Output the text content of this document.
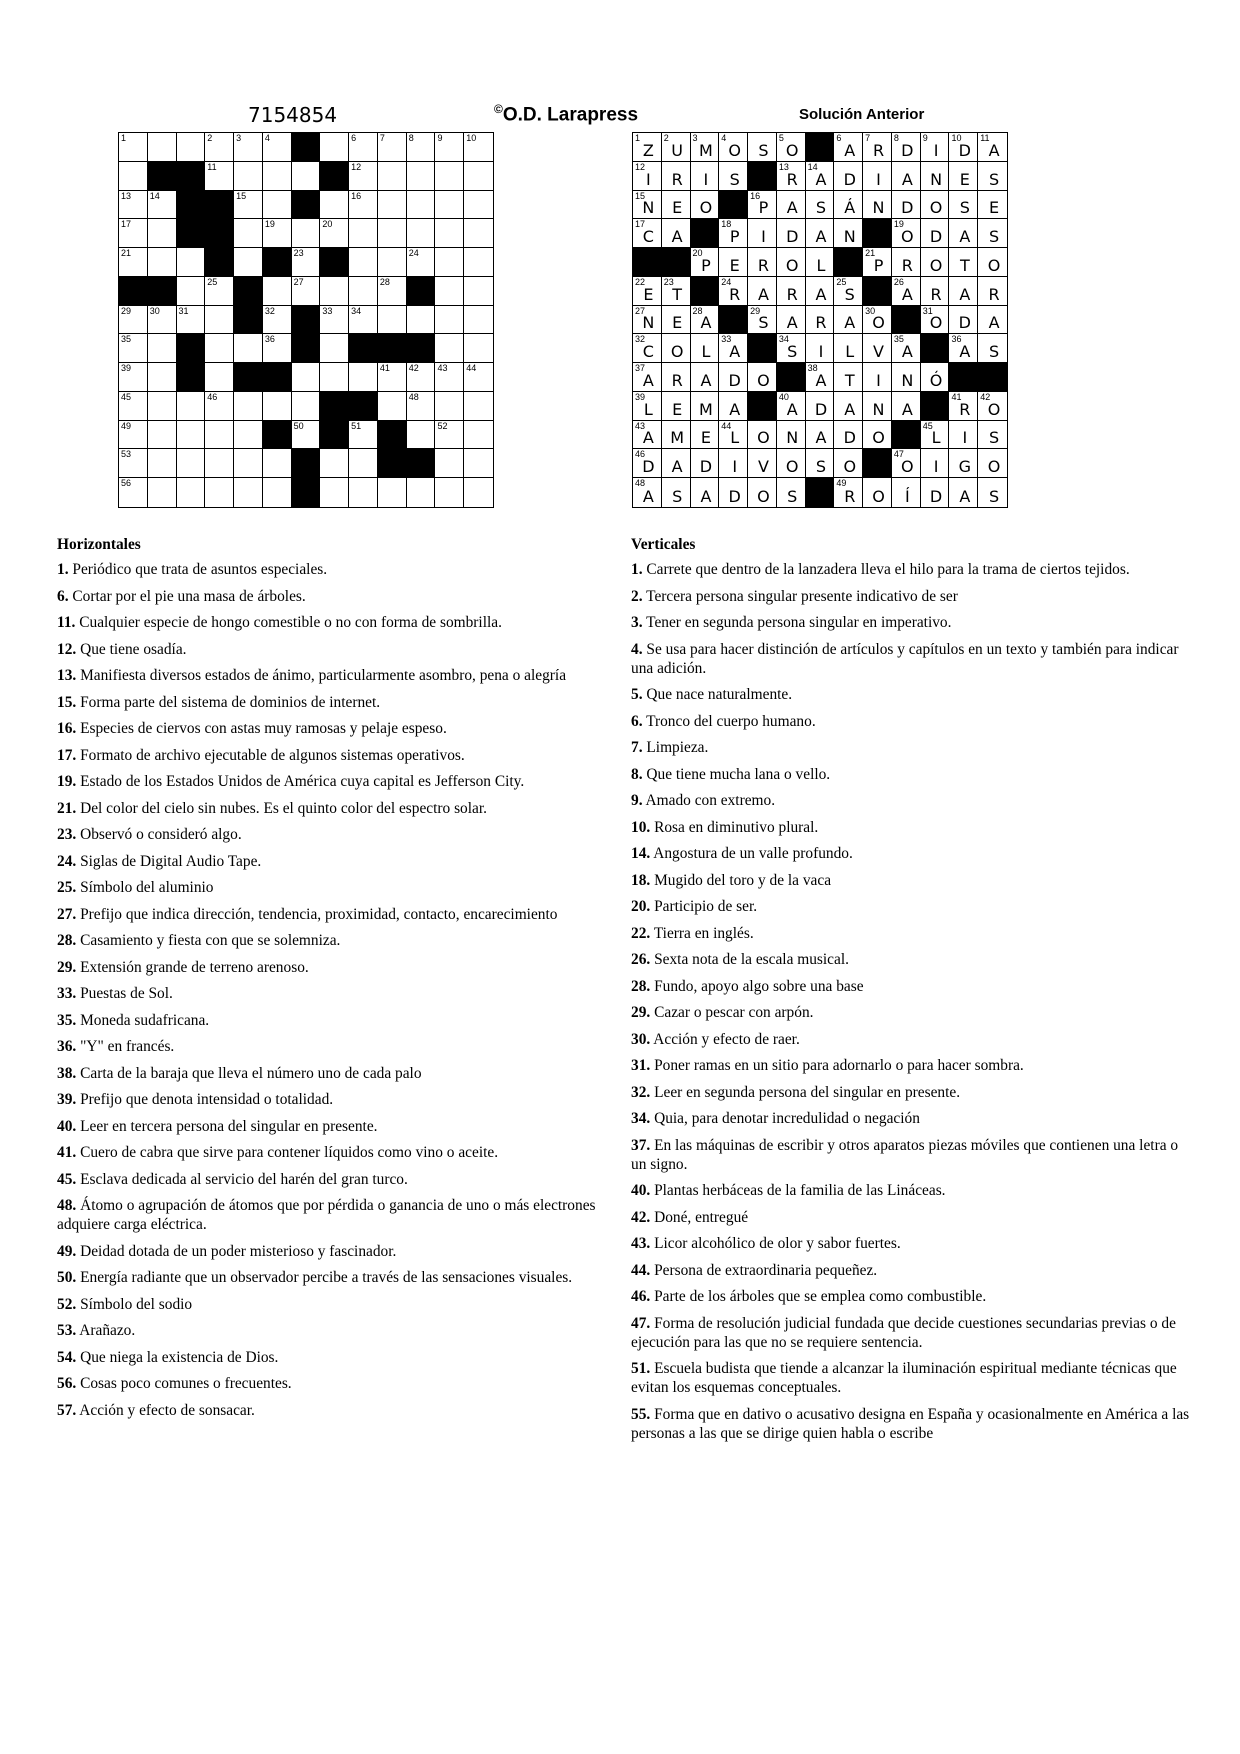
7154854	©O.D. Larapress	Solución Anterior
1	2	3	4	6	7	8	9	10
11	12
13 14	15	16
17	19	20
21	23	24
25	27	28
29 30 31	32	33 34
35	36
39	41 42 43 44
45	46	48
49	50	51	52
53
56
1
Z
2
U
3
M
4
O	S
5
O
6
A
7
R
8
D
9
I
10
D
11
A
12
I	R	I	S
13
R
14
A	D	I	A	N	E	S
15
N	E	O
16
P	A	S	Á	N	D	O	S	E
17
C	A
18
P	I	D	A	N
19
O	D	A	S
20
P	E	R	O	L
21
P	R	O	T	O
22
E
23
T
24
R	A	R	A
25
S
26
A	R	A	R
27
N	E
28
A
29
S	A	R	A
30
O
31
O	D	A
32
C	O	L
33
A
34
S	I	L	V
35
A
36
A	S
37
A	R	A	D	O
38
A	T	I	N	Ó
39
L	E	M	A
40
A	D	A	N	A
41
R
42
O
43
A	M	E
44
L	O	N	A	D	O
45
L	I	S
46
D	A	D	I	V	O	S	O
47
O	I	G	O
48
A	S	A	D	O	S
49
R	O	Í	D	A	S
Horizontales
1. Periódico que trata de asuntos especiales.
6. Cortar por el pie una masa de árboles.
11. Cualquier especie de hongo comestible o no con forma de sombrilla.
12. Que tiene osadía.
13. Manifiesta diversos estados de ánimo, particularmente asombro, pena o alegría
15. Forma parte del sistema de dominios de internet.
16. Especies de ciervos con astas muy ramosas y pelaje espeso.
17. Formato de archivo ejecutable de algunos sistemas operativos.
19. Estado de los Estados Unidos de América cuya capital es Jefferson City.
21. Del color del cielo sin nubes. Es el quinto color del espectro solar.
23. Observó o consideró algo.
24. Siglas de Digital Audio Tape.
25. Símbolo del aluminio
27. Prefijo que indica dirección, tendencia, proximidad, contacto, encarecimiento
28. Casamiento y fiesta con que se solemniza.
29. Extensión grande de terreno arenoso.
33. Puestas de Sol.
35. Moneda sudafricana.
36. "Y" en francés.
38. Carta de la baraja que lleva el número uno de cada palo
39. Prefijo que denota intensidad o totalidad.
40. Leer en tercera persona del singular en presente.
41. Cuero de cabra que sirve para contener líquidos como vino o aceite.
45. Esclava dedicada al servicio del harén del gran turco.
48. Átomo o agrupación de átomos que por pérdida o ganancia de uno o más electrones adquiere carga eléctrica.
49. Deidad dotada de un poder misterioso y fascinador.
50. Energía radiante que un observador percibe a través de las sensaciones visuales.
52. Símbolo del sodio
53. Arañazo.
54. Que niega la existencia de Dios.
56. Cosas poco comunes o frecuentes.
57. Acción y efecto de sonsacar.
Verticales
1. Carrete que dentro de la lanzadera lleva el hilo para la trama de ciertos tejidos.
2. Tercera persona singular presente indicativo de ser
3. Tener en segunda persona singular en imperativo.
4. Se usa para hacer distinción de artículos y capítulos en un texto y también para indicar una adición.
5. Que nace naturalmente.
6. Tronco del cuerpo humano.
7. Limpieza.
8. Que tiene mucha lana o vello.
9. Amado con extremo.
10. Rosa en diminutivo plural.
14. Angostura de un valle profundo.
18. Mugido del toro y de la vaca
20. Participio de ser.
22. Tierra en inglés.
26. Sexta nota de la escala musical.
28. Fundo, apoyo algo sobre una base
29. Cazar o pescar con arpón.
30. Acción y efecto de raer.
31. Poner ramas en un sitio para adornarlo o para hacer sombra.
32. Leer en segunda persona del singular en presente.
34. Quia, para denotar incredulidad o negación
37. En las máquinas de escribir y otros aparatos piezas móviles que contienen una letra o un signo.
40. Plantas herbáceas de la familia de las Lináceas.
42. Doné, entregué
43. Licor alcohólico de olor y sabor fuertes.
44. Persona de extraordinaria pequeñez.
46. Parte de los árboles que se emplea como combustible.
47. Forma de resolución judicial fundada que decide cuestiones secundarias previas o de ejecución para las que no se requiere sentencia.
51. Escuela budista que tiende a alcanzar la iluminación espiritual mediante técnicas que evitan los esquemas conceptuales.
55. Forma que en dativo o acusativo designa en España y ocasionalmente en América a las personas a las que se dirige quien habla o escribe
